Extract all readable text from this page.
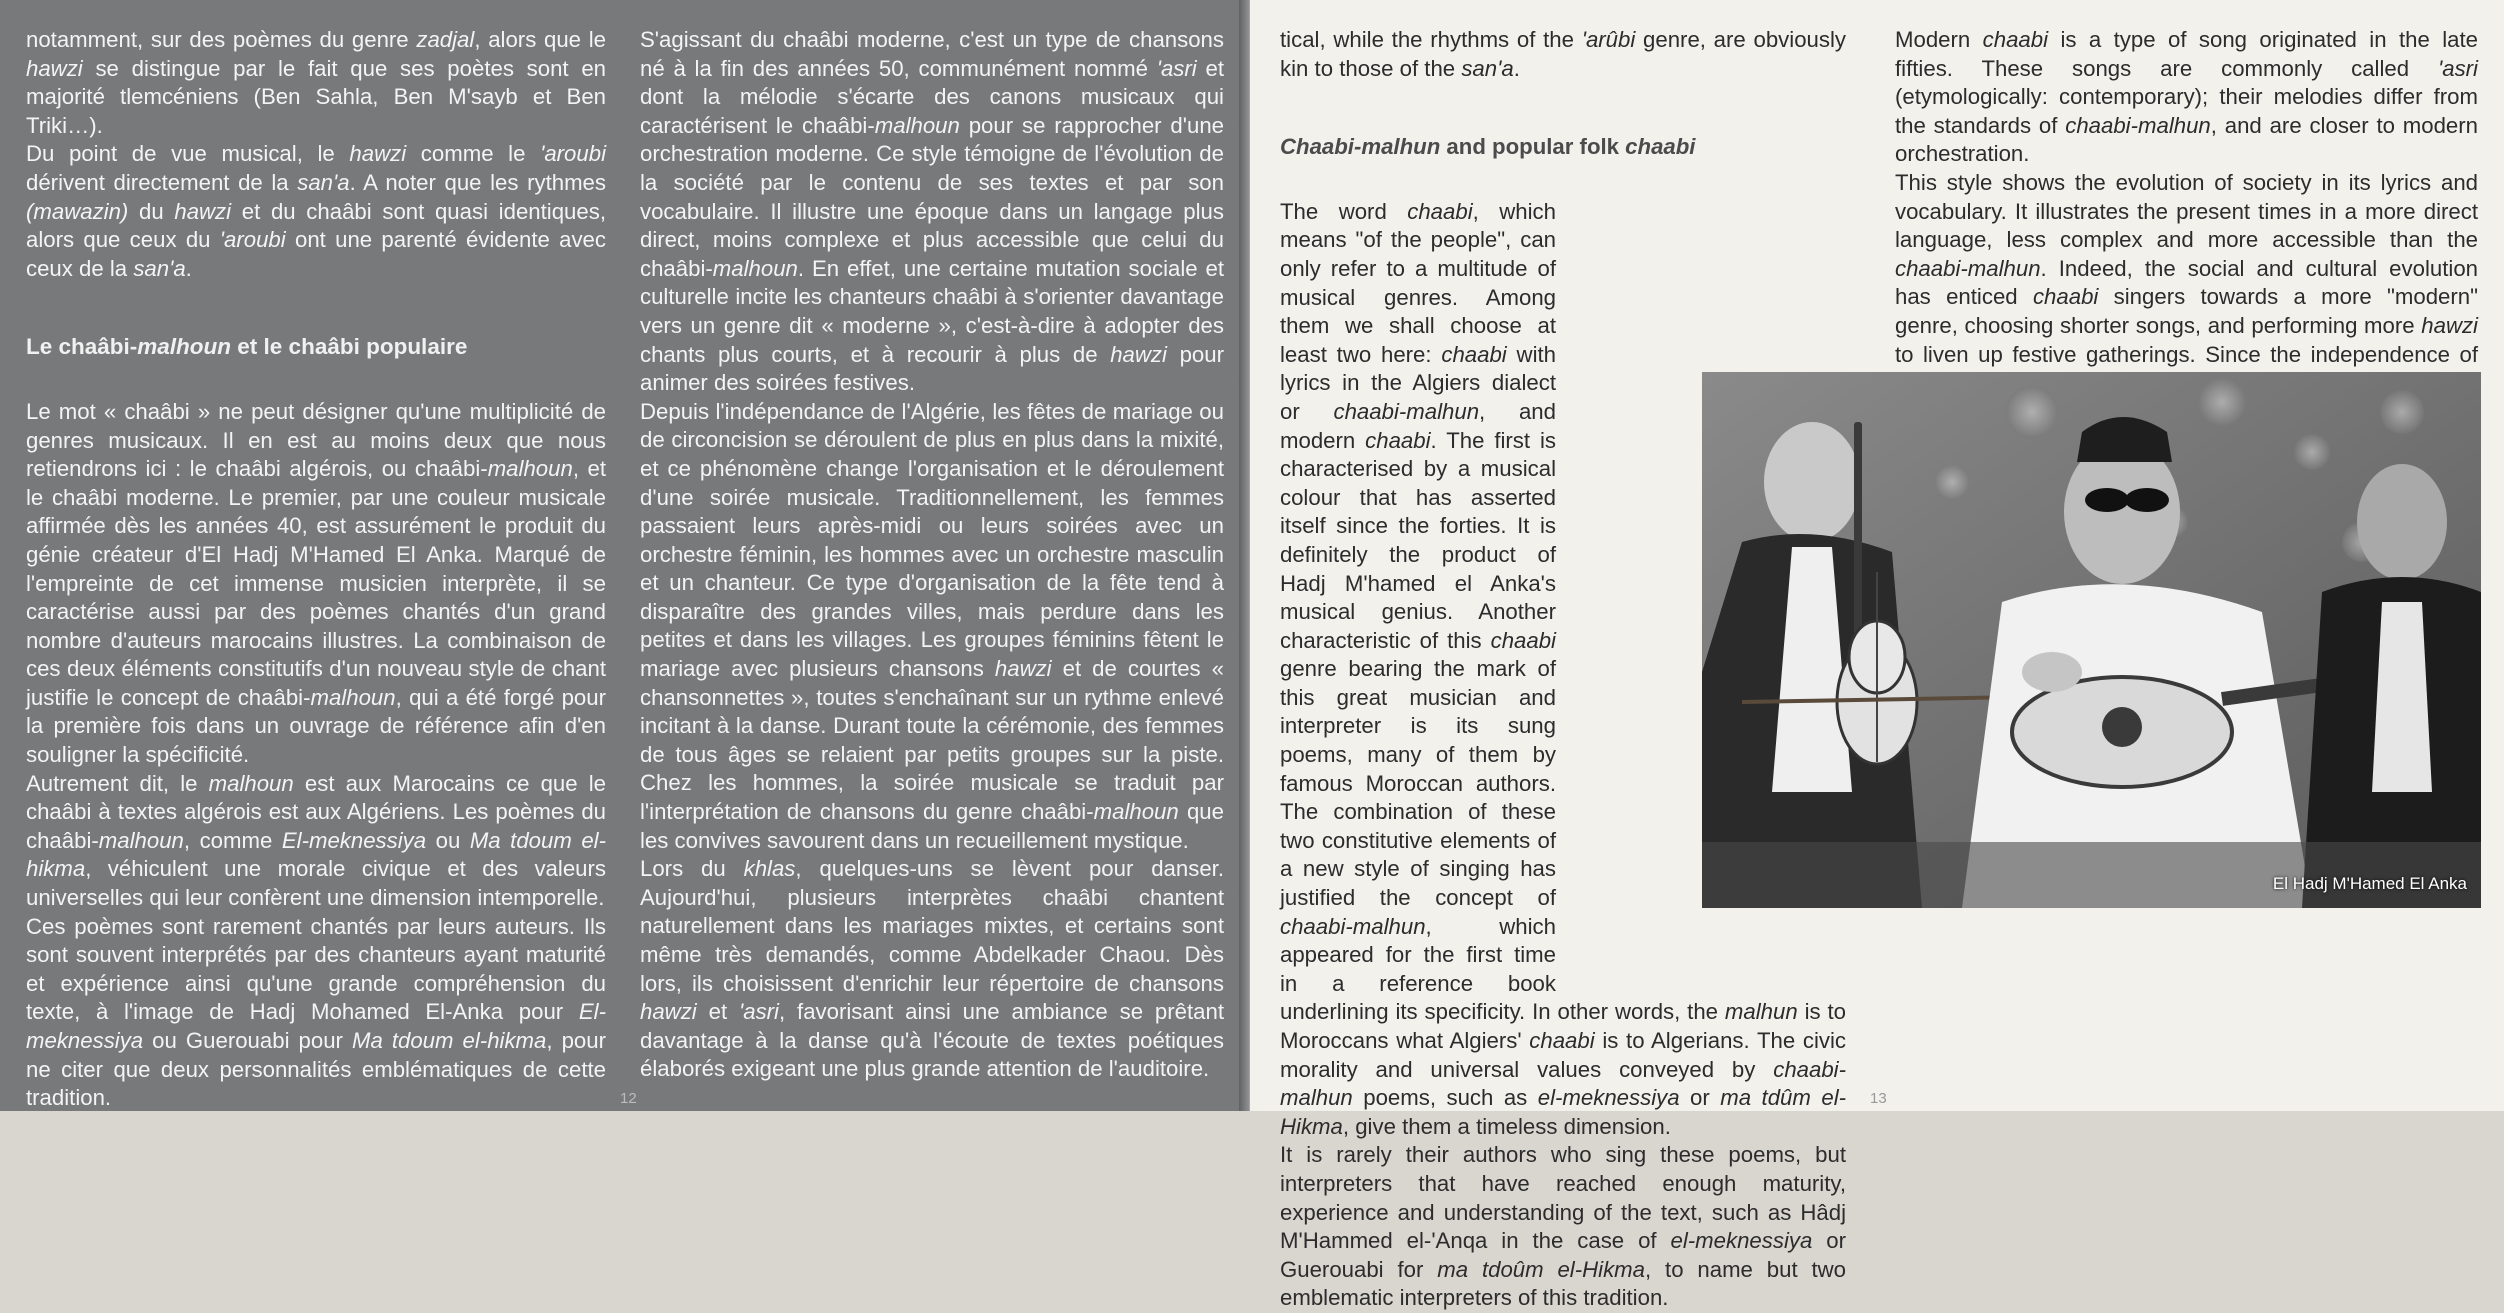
notamment, sur des poèmes du genre zadjal, alors que le hawzi se distingue par le fait que ses poètes sont en majorité tlemcéniens (Ben Sahla, Ben M'sayb et Ben Triki…).

Du point de vue musical, le hawzi comme le 'aroubi dérivent directement de la san'a. A noter que les rythmes (mawazin) du hawzi et du chaâbi sont quasi identiques, alors que ceux du 'aroubi ont une parenté évidente avec ceux de la san'a.

Le chaâbi-malhoun et le chaâbi populaire

Le mot « chaâbi » ne peut désigner qu'une multiplicité de genres musicaux. Il en est au moins deux que nous retiendrons ici : le chaâbi algérois, ou chaâbi-malhoun, et le chaâbi moderne. Le premier, par une couleur musicale affirmée dès les années 40, est assurément le produit du génie créateur d'El Hadj M'Hamed El Anka. Marqué de l'empreinte de cet immense musicien interprète, il se caractérise aussi par des poèmes chantés d'un grand nombre d'auteurs marocains illustres. La combinaison de ces deux éléments constitutifs d'un nouveau style de chant justifie le concept de chaâbi-malhoun, qui a été forgé pour la première fois dans un ouvrage de référence afin d'en souligner la spécificité.

Autrement dit, le malhoun est aux Marocains ce que le chaâbi à textes algérois est aux Algériens. Les poèmes du chaâbi-malhoun, comme El-meknessiya ou Ma tdoum el-hikma, véhiculent une morale civique et des valeurs universelles qui leur confèrent une dimension intemporelle.

Ces poèmes sont rarement chantés par leurs auteurs. Ils sont souvent interprétés par des chanteurs ayant maturité et expérience ainsi qu'une grande compréhension du texte, à l'image de Hadj Mohamed El-Anka pour El-meknessiya ou Guerouabi pour Ma tdoum el-hikma, pour ne citer que deux personnalités emblématiques de cette tradition.

S'agissant du chaâbi moderne, c'est un type de chansons né à la fin des années 50, communément nommé 'asri et dont la mélodie s'écarte des canons musicaux qui caractérisent le chaâbi-malhoun pour se rapprocher d'une orchestration moderne. Ce style témoigne de l'évolution de la société par le contenu de ses textes et par son vocabulaire. Il illustre une époque dans un langage plus direct, moins complexe et plus accessible que celui du chaâbi-malhoun. En effet, une certaine mutation sociale et culturelle incite les chanteurs chaâbi à s'orienter davantage vers un genre dit « moderne », c'est-à-dire à adopter des chants plus courts, et à recourir à plus de hawzi pour animer des soirées festives.

Depuis l'indépendance de l'Algérie, les fêtes de mariage ou de circoncision se déroulent de plus en plus dans la mixité, et ce phénomène change l'organisation et le déroulement d'une soirée musicale. Traditionnellement, les femmes passaient leurs après-midi ou leurs soirées avec un orchestre féminin, les hommes avec un orchestre masculin et un chanteur. Ce type d'organisation de la fête tend à disparaître des grandes villes, mais perdure dans les petites et dans les villages. Les groupes féminins fêtent le mariage avec plusieurs chansons hawzi et de courtes « chansonnettes », toutes s'enchaînant sur un rythme enlevé incitant à la danse. Durant toute la cérémonie, des femmes de tous âges se relaient par petits groupes sur la piste. Chez les hommes, la soirée musicale se traduit par l'interprétation de chansons du genre chaâbi-malhoun que les convives savourent dans un recueillement mystique.

Lors du khlas, quelques-uns se lèvent pour danser. Aujourd'hui, plusieurs interprètes chaâbi chantent naturellement dans les mariages mixtes, et certains sont même très demandés, comme Abdelkader Chaou. Dès lors, ils choisissent d'enrichir leur répertoire de chansons hawzi et 'asri, favorisant ainsi une ambiance se prêtant davantage à la danse qu'à l'écoute de textes poétiques élaborés exigeant une plus grande attention de l'auditoire.

12

tical, while the rhythms of the 'arûbi genre, are obviously kin to those of the san'a.

Chaabi-malhun and popular folk chaabi

The word chaabi, which means "of the people", can only refer to a multitude of musical genres. Among them we shall choose at least two here: chaabi with lyrics in the Algiers dialect or chaabi-malhun, and modern chaabi. The first is characterised by a musical colour that has asserted itself since the forties. It is definitely the product of Hadj M'hamed el Anka's musical genius. Another characteristic of this chaabi genre bearing the mark of this great musician and interpreter is its sung poems, many of them by famous Moroccan authors. The combination of these two constitutive elements of a new style of singing has justified the concept of chaabi-malhun, which appeared for the first time in a reference book underlining its specificity. In other words, the malhun is to Moroccans what Algiers' chaabi is to Algerians. The civic morality and universal values conveyed by chaabi-malhun poems, such as el-meknessiya or ma tdûm el-Hikma, give them a timeless dimension.

It is rarely their authors who sing these poems, but interpreters that have reached enough maturity, experience and understanding of the text, such as Hâdj M'Hammed el-'Anqa in the case of el-meknessiya or Guerouabi for ma tdoûm el-Hikma, to name but two emblematic interpreters of this tradition.

Modern chaabi is a type of song originated in the late fifties. These songs are commonly called 'asri (etymologically: contemporary); their melodies differ from the standards of chaabi-malhun, and are closer to modern orchestration.

This style shows the evolution of society in its lyrics and vocabulary. It illustrates the present times in a more direct language, less complex and more accessible than the chaabi-malhun. Indeed, the social and cultural evolution has enticed chaabi singers towards a more "modern" genre, choosing shorter songs, and performing more hawzi to liven up festive gatherings. Since the independence of

13
El Hadj M'Hamed El Anka
